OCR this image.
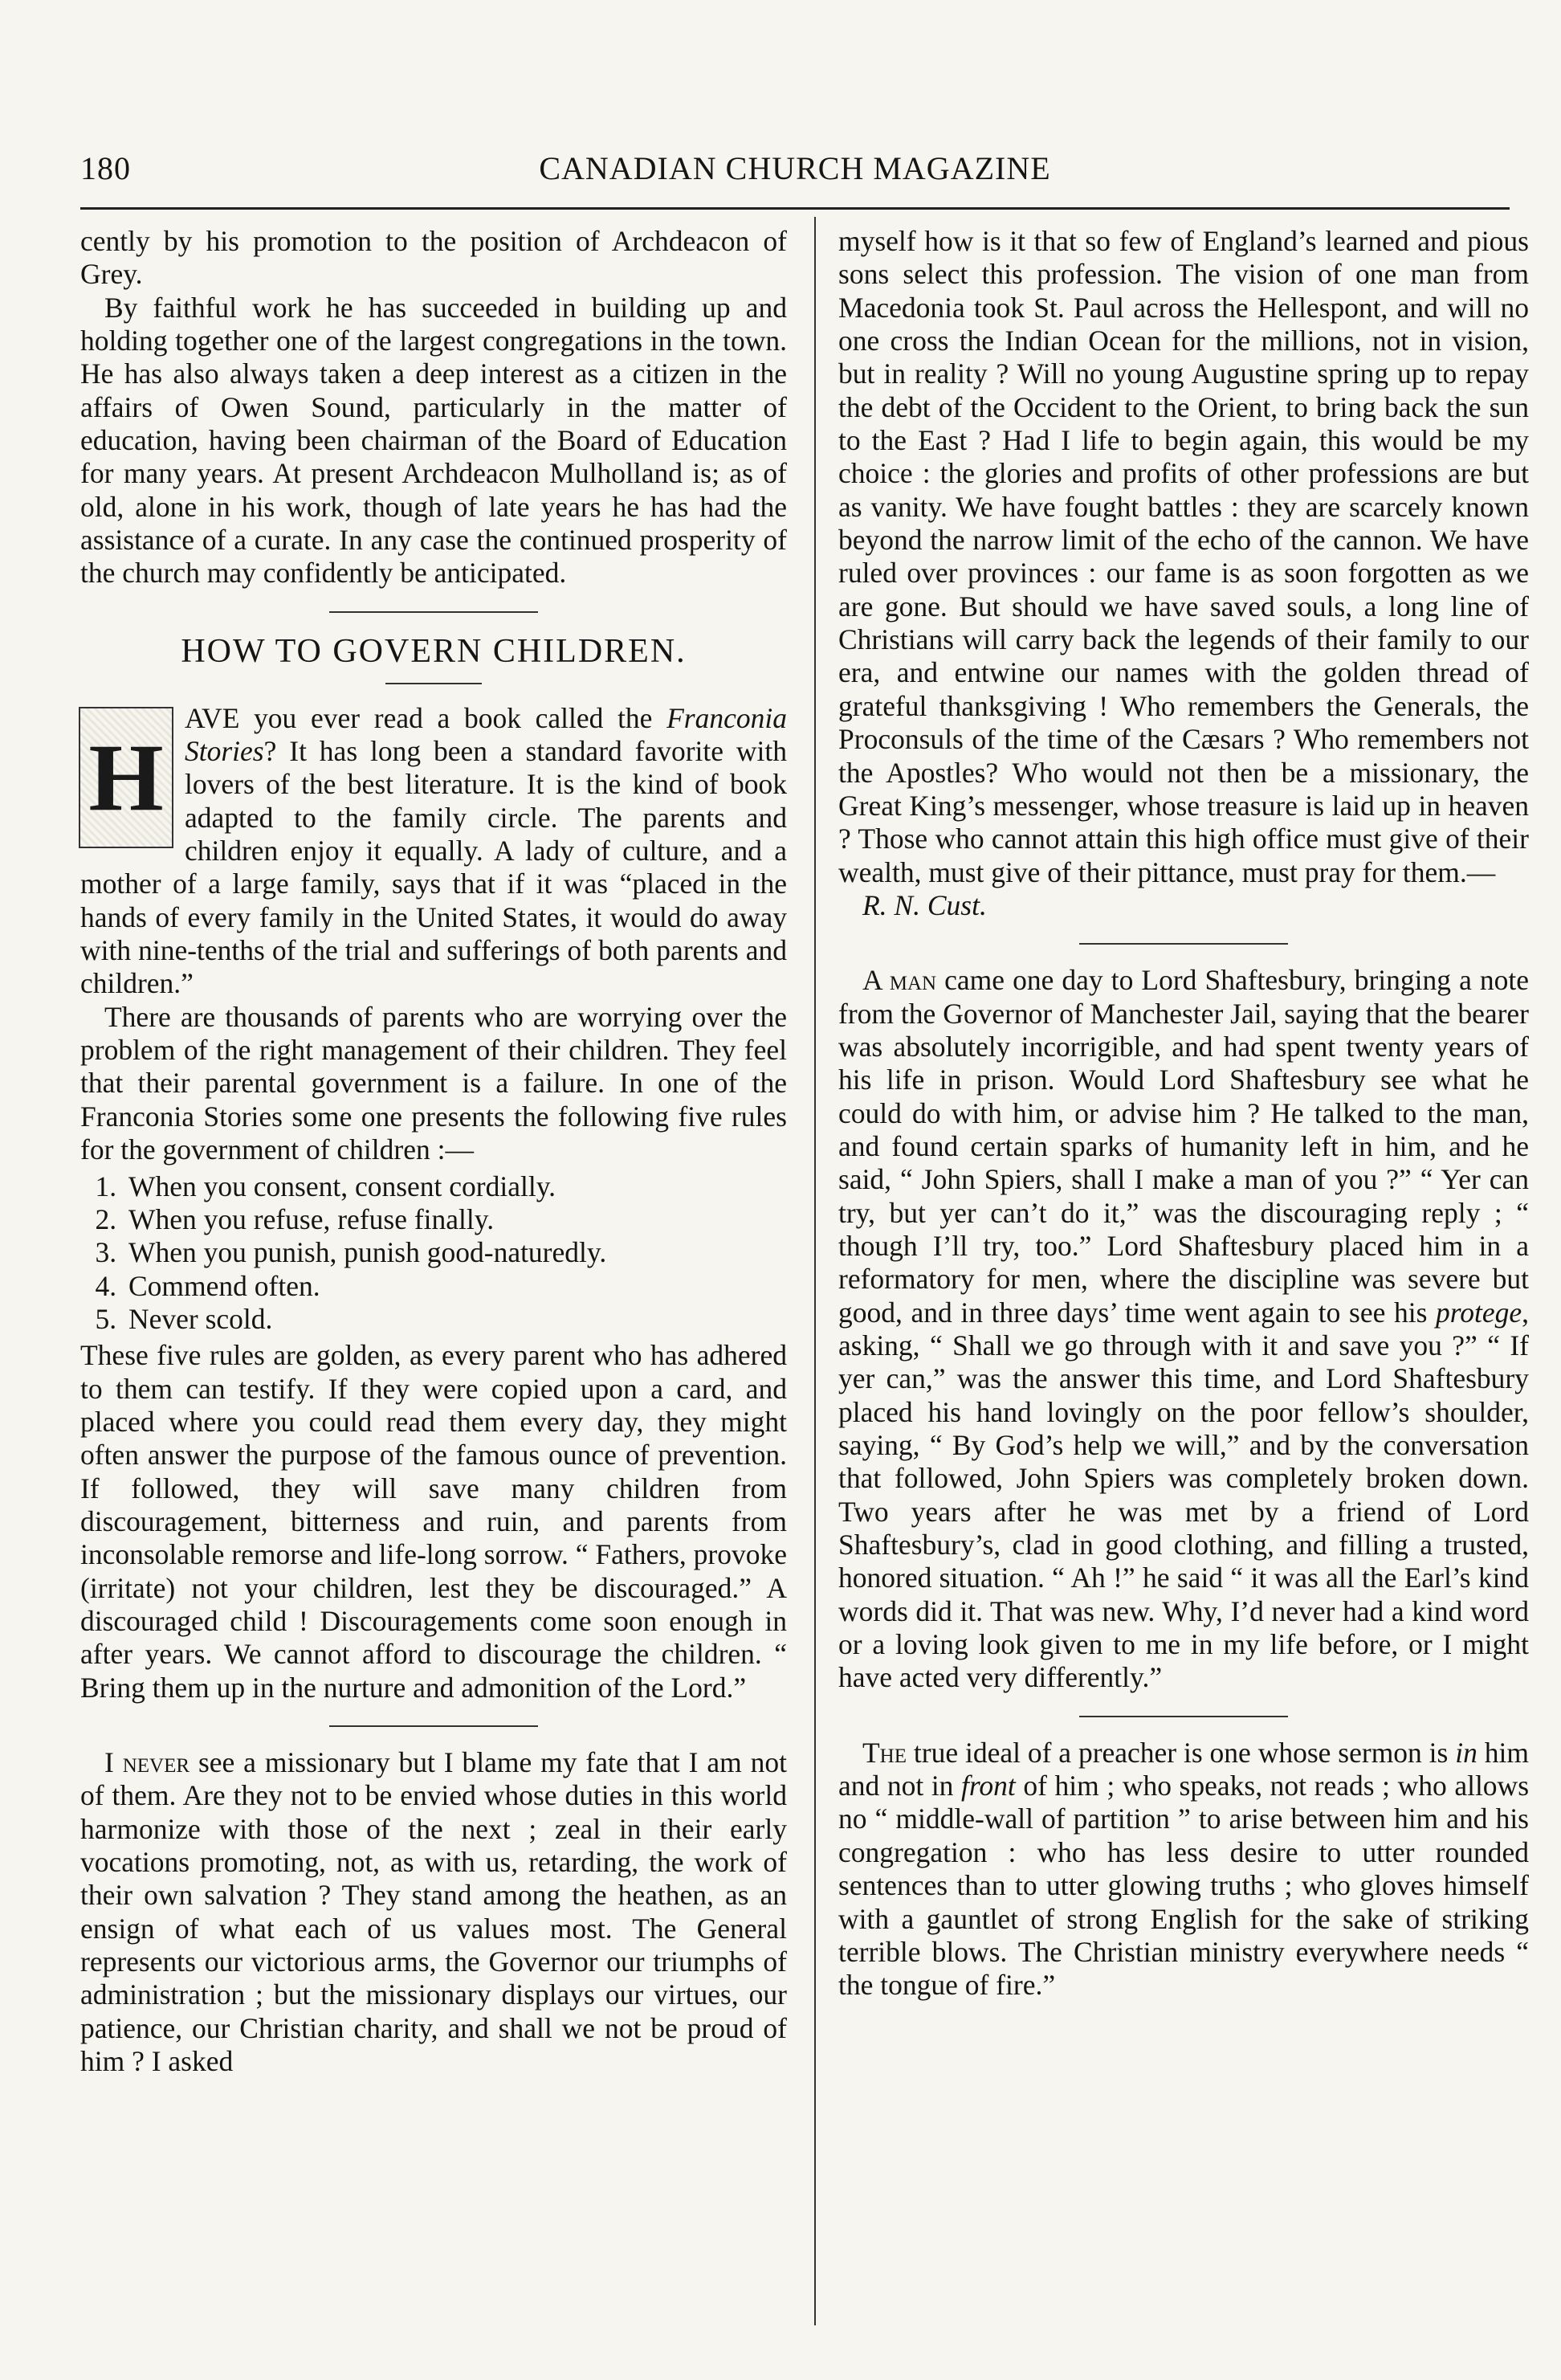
180	CANADIAN CHURCH MAGAZINE

cently by his promotion to the position of Archdeacon of Grey.

By faithful work he has succeeded in building up and holding together one of the largest congregations in the town. He has also always taken a deep interest as a citizen in the affairs of Owen Sound, particularly in the matter of education, having been chairman of the Board of Education for many years. At present Archdeacon Mulholland is; as of old, alone in his work, though of late years he has had the assistance of a curate. In any case the continued prosperity of the church may confidently be anticipated.

HOW TO GOVERN CHILDREN.

H
AVE you ever read a book called the Franconia Stories? It has long been a standard favorite with lovers of the best literature. It is the kind of book adapted to the family circle. The parents and children enjoy it equally. A lady of culture, and a mother of a large family, says that if it was “placed in the hands of every family in the United States, it would do away with nine-tenths of the trial and sufferings of both parents and children.”

There are thousands of parents who are worrying over the problem of the right management of their children. They feel that their parental government is a failure. In one of the Franconia Stories some one presents the following five rules for the government of children :—

1. When you consent, consent cordially.
2. When you refuse, refuse finally.
3. When you punish, punish good-naturedly.
4. Commend often.
5. Never scold.

These five rules are golden, as every parent who has adhered to them can testify. If they were copied upon a card, and placed where you could read them every day, they might often answer the purpose of the famous ounce of prevention. If followed, they will save many children from discouragement, bitterness and ruin, and parents from inconsolable remorse and life-long sorrow. “ Fathers, provoke (irritate) not your children, lest they be discouraged.” A discouraged child ! Discouragements come soon enough in after years. We cannot afford to discourage the children. “ Bring them up in the nurture and admonition of the Lord.”

I never see a missionary but I blame my fate that I am not of them. Are they not to be envied whose duties in this world harmonize with those of the next ; zeal in their early vocations promoting, not, as with us, retarding, the work of their own salvation ? They stand among the heathen, as an ensign of what each of us values most. The General represents our victorious arms, the Governor our triumphs of administration ; but the missionary displays our virtues, our patience, our Christian charity, and shall we not be proud of him ? I asked

myself how is it that so few of England’s learned and pious sons select this profession. The vision of one man from Macedonia took St. Paul across the Hellespont, and will no one cross the Indian Ocean for the millions, not in vision, but in reality ? Will no young Augustine spring up to repay the debt of the Occident to the Orient, to bring back the sun to the East ? Had I life to begin again, this would be my choice : the glories and profits of other professions are but as vanity. We have fought battles : they are scarcely known beyond the narrow limit of the echo of the cannon. We have ruled over provinces : our fame is as soon forgotten as we are gone. But should we have saved souls, a long line of Christians will carry back the legends of their family to our era, and entwine our names with the golden thread of grateful thanksgiving ! Who remembers the Generals, the Proconsuls of the time of the Cæsars ? Who remembers not the Apostles? Who would not then be a missionary, the Great King’s messenger, whose treasure is laid up in heaven ? Those who cannot attain this high office must give of their wealth, must give of their pittance, must pray for them.—

R. N. Cust.

A man came one day to Lord Shaftesbury, bringing a note from the Governor of Manchester Jail, saying that the bearer was absolutely incorrigible, and had spent twenty years of his life in prison. Would Lord Shaftesbury see what he could do with him, or advise him ? He talked to the man, and found certain sparks of humanity left in him, and he said, “ John Spiers, shall I make a man of you ?” “ Yer can try, but yer can’t do it,” was the discouraging reply ; “ though I’ll try, too.” Lord Shaftesbury placed him in a reformatory for men, where the discipline was severe but good, and in three days’ time went again to see his protege, asking, “ Shall we go through with it and save you ?” “ If yer can,” was the answer this time, and Lord Shaftesbury placed his hand lovingly on the poor fellow’s shoulder, saying, “ By God’s help we will,” and by the conversation that followed, John Spiers was completely broken down. Two years after he was met by a friend of Lord Shaftesbury’s, clad in good clothing, and filling a trusted, honored situation. “ Ah !” he said “ it was all the Earl’s kind words did it. That was new. Why, I’d never had a kind word or a loving look given to me in my life before, or I might have acted very differently.”

The true ideal of a preacher is one whose sermon is in him and not in front of him ; who speaks, not reads ; who allows no “ middle-wall of partition ” to arise between him and his congregation : who has less desire to utter rounded sentences than to utter glowing truths ; who gloves himself with a gauntlet of strong English for the sake of striking terrible blows. The Christian ministry everywhere needs “ the tongue of fire.”
